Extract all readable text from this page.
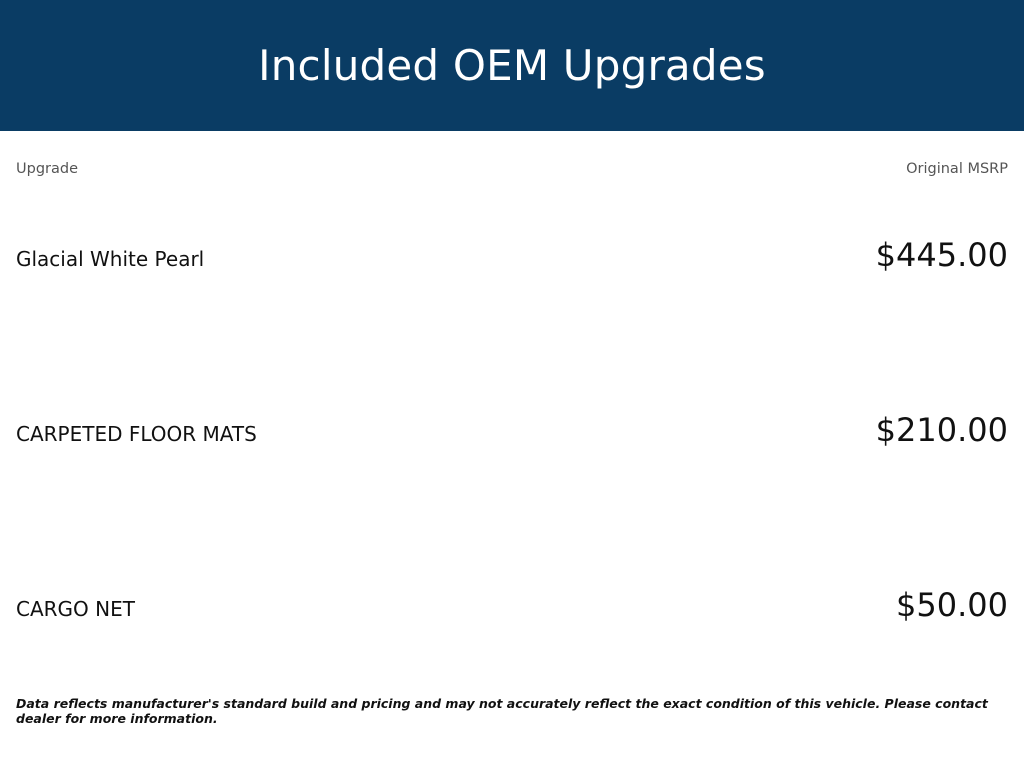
Included OEM Upgrades
Upgrade	Original MSRP
Glacial White Pearl	$445.00
CARPETED FLOOR MATS	$210.00
CARGO NET	$50.00
Data reflects manufacturer's standard build and pricing and may not accurately reflect the exact condition of this vehicle. Please contact dealer for more information.
